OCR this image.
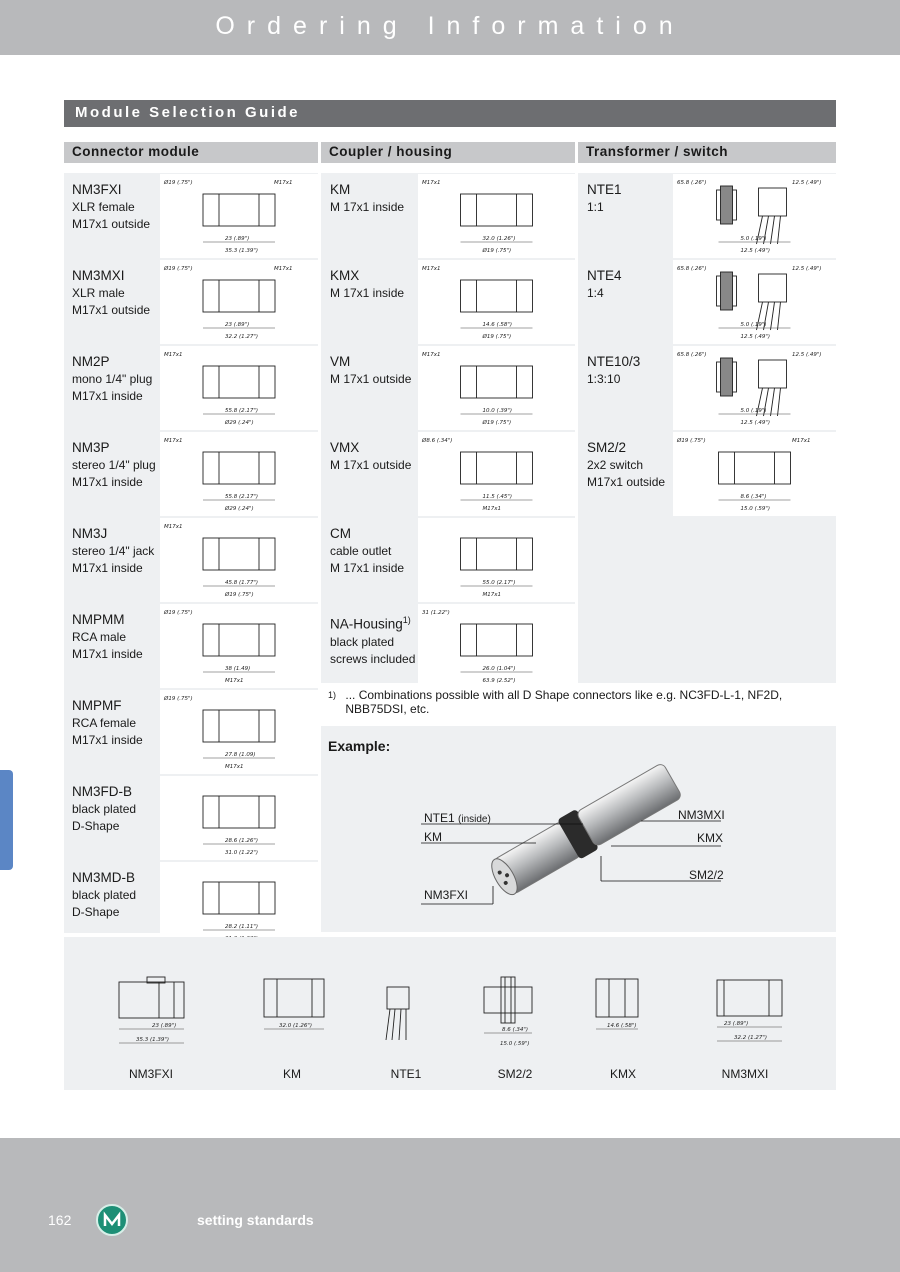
Ordering Information
Module Selection Guide
Connector module	Coupler / housing	Transformer / switch
NM3FXI
XLR female
M17x1 outside
23 (.89")
35.3 (1.39")
Ø19 (.75")	M17x1
NM3MXI
XLR male
M17x1 outside
23 (.89")
32.2 (1.27")
Ø19 (.75")	M17x1
NM2P
mono 1/4" plug
M17x1 inside
55.8 (2.17")
Ø29 (.24")
M17x1
NM3P
stereo 1/4" plug
M17x1 inside
55.8 (2.17")
Ø29 (.24")
M17x1
NM3J
stereo 1/4" jack
M17x1 inside
45.8 (1.77")
Ø19 (.75")
M17x1
NMPMM
RCA male
M17x1 inside
38 (1.49)
M17x1
Ø19 (.75")
NMPMF
RCA female
M17x1 inside
27.8 (1.09)
M17x1
Ø19 (.75")
NM3FD-B
black plated
D-Shape
28.6 (1.26")
31.0 (1.22")
NM3MD-B
black plated
D-Shape
28.2 (1.11")
KM
M 17x1 inside
32.0 (1.26")
Ø19 (.75")
M17x1
KMX
M 17x1 inside
14.6 (.58")
Ø19 (.75")
M17x1
VM
M 17x1 outside
10.0 (.39")
Ø19 (.75")
M17x1
VMX
M 17x1 outside
11.5 (.45")
M17x1
Ø8.6 (.34")
CM
cable outlet
M 17x1 inside
55.0 (2.17")
M17x1
NA-Housing$^{1)}$
black plated
screws included
26.0 (1.04")
63.9 (2.52")
31 (1.22")
NTE1
1:1
5.0 (.19")
12.5 (.49")
65.8 (.26")	12.5 (.49")
NTE4
1:4
5.0 (.19")
12.5 (.49")
65.8 (.26")	12.5 (.49")
NTE10/3
1:3:10
5.0 (.19")
12.5 (.49")
65.8 (.26")	12.5 (.49")
SM2/2
2x2 switch
M17x1 outside
8.6 (.34")
15.0 (.59")
Ø19 (.75")	M17x1
$^{1)}$ ... Combinations possible with all D Shape connectors like e.g. NC3FD-L-1, NF2D, NBB75DSI, etc.
Example:
NTE1 (inside)
KM
NM3FXI
NM3MXI
KMX
SM2/2
23 (.89")
35.3 (1.39")
32.0 (1.26")
8.6 (.34")
15.0 (.59")
14.6 (.58")	23 (.89")
32.2 (1.27")
NM3FXI	KM	NTE1	SM2/2	KMX	NM3MXI
162	setting standards
